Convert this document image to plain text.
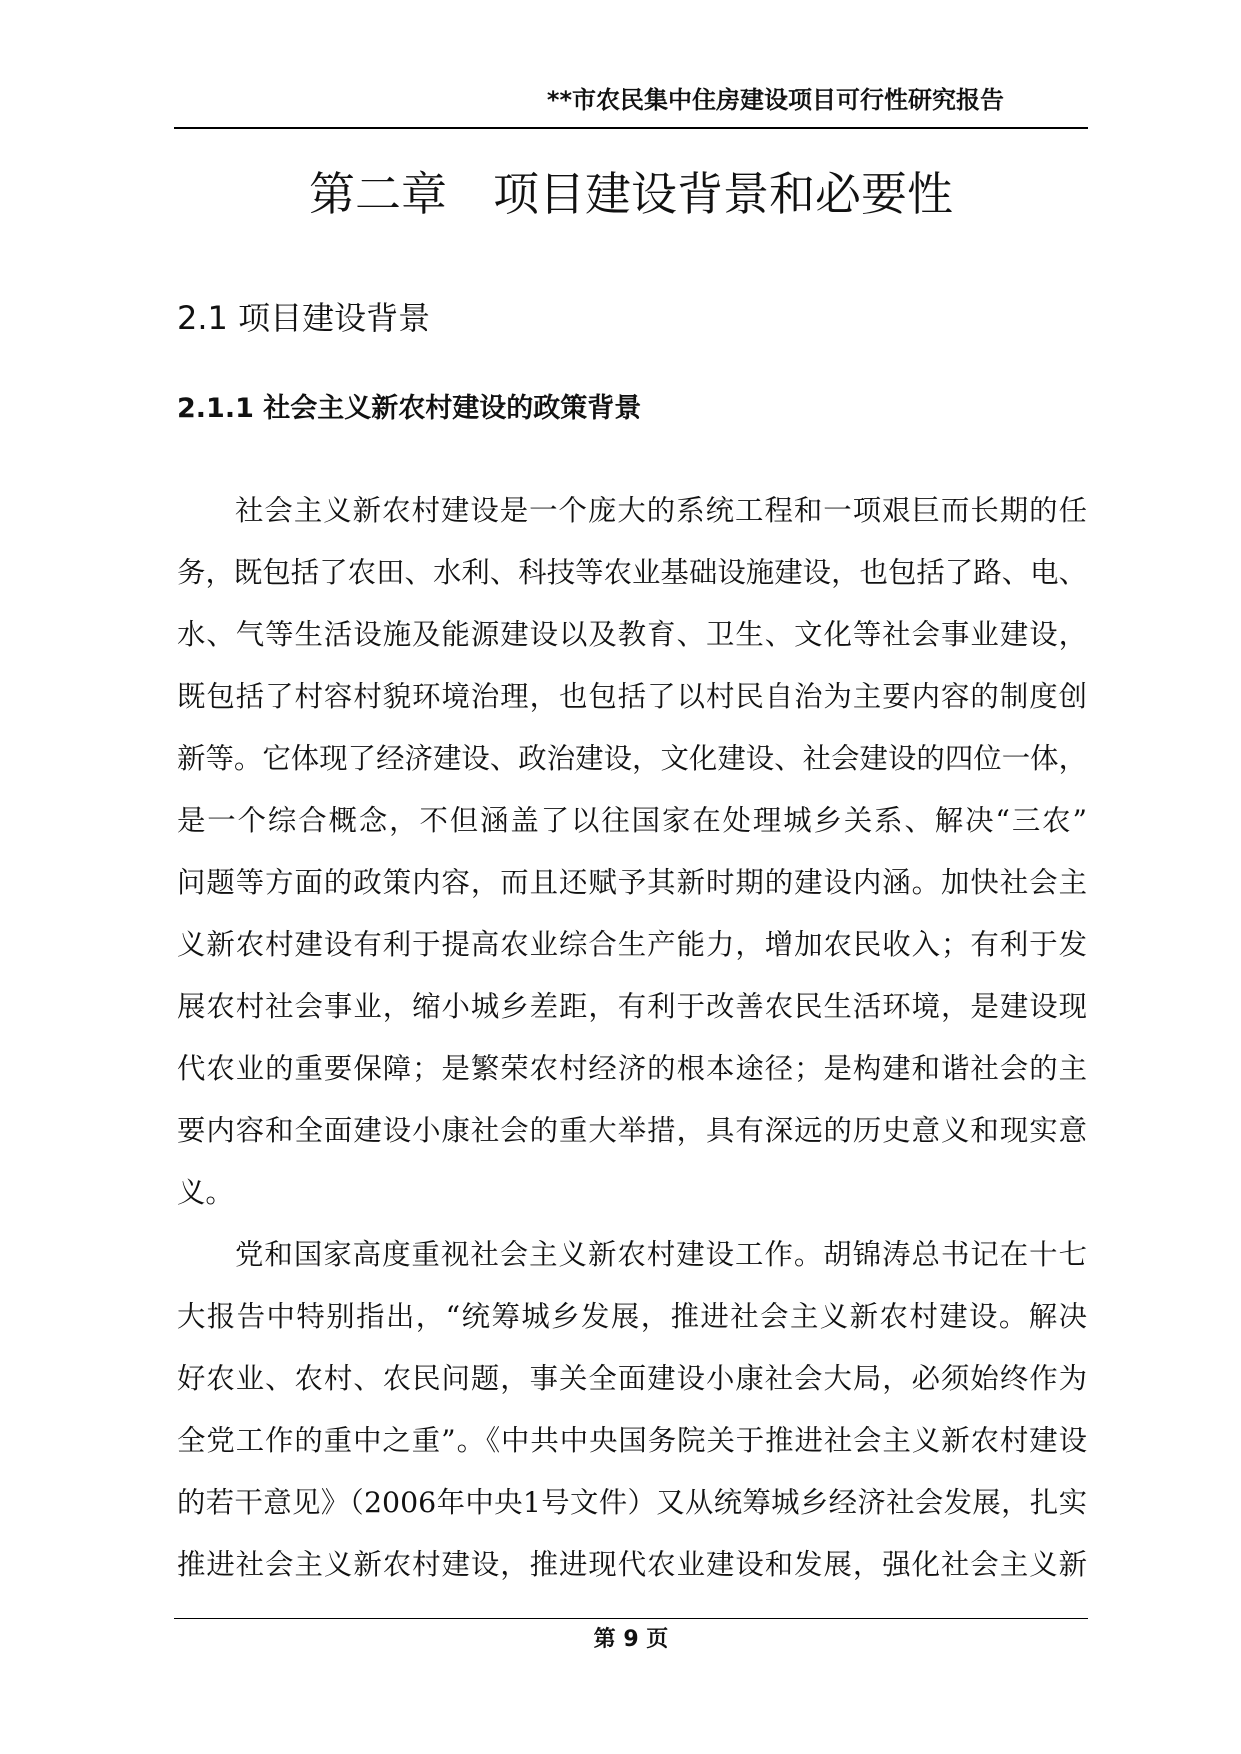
**市农民集中住房建设项目可行性研究报告
第二章　项目建设背景和必要性
2.1 项目建设背景
2.1.1 社会主义新农村建设的政策背景
社会主义新农村建设是一个庞大的系统工程和一项艰巨而长期的任
务，既包括了农田、水利、科技等农业基础设施建设，也包括了路、电、
水、气等生活设施及能源建设以及教育、卫生、文化等社会事业建设，
既包括了村容村貌环境治理，也包括了以村民自治为主要内容的制度创
新等。它体现了经济建设、政治建设，文化建设、社会建设的四位一体，
是一个综合概念，不但涵盖了以往国家在处理城乡关系、解决“三农”
问题等方面的政策内容，而且还赋予其新时期的建设内涵。加快社会主
义新农村建设有利于提高农业综合生产能力，增加农民收入；有利于发
展农村社会事业，缩小城乡差距，有利于改善农民生活环境，是建设现
代农业的重要保障；是繁荣农村经济的根本途径；是构建和谐社会的主
要内容和全面建设小康社会的重大举措，具有深远的历史意义和现实意
义。
党和国家高度重视社会主义新农村建设工作。胡锦涛总书记在十七
大报告中特别指出，“统筹城乡发展，推进社会主义新农村建设。解决
好农业、农村、农民问题，事关全面建设小康社会大局，必须始终作为
全党工作的重中之重”。《中共中央国务院关于推进社会主义新农村建设
的若干意见》（2006年中央1号文件）又从统筹城乡经济社会发展，扎实
推进社会主义新农村建设，推进现代农业建设和发展，强化社会主义新
第 9 页
